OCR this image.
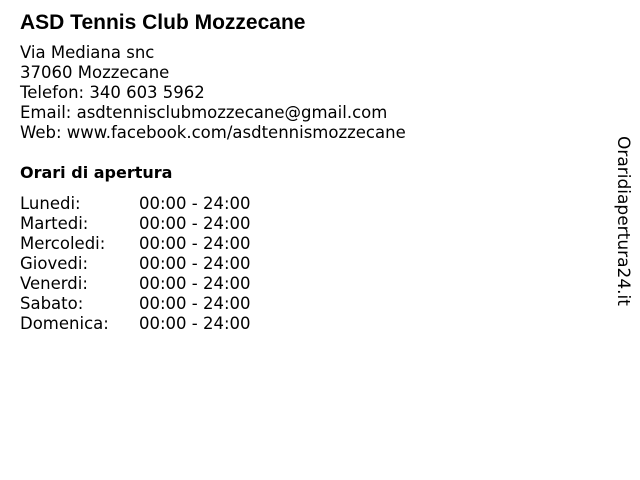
ASD Tennis Club Mozzecane
Via Mediana snc
37060 Mozzecane
Telefon: 340 603 5962
Email: asdtennisclubmozzecane@gmail.com
Web: www.facebook.com/asdtennismozzecane
Orari di apertura
Lunedi:	00:00 - 24:00
Martedi:	00:00 - 24:00
Mercoledi: 00:00 - 24:00
Giovedi:	00:00 - 24:00
Venerdi:	00:00 - 24:00
Sabato:	00:00 - 24:00
Domenica: 00:00 - 24:00
Oraridiapertura24.it
